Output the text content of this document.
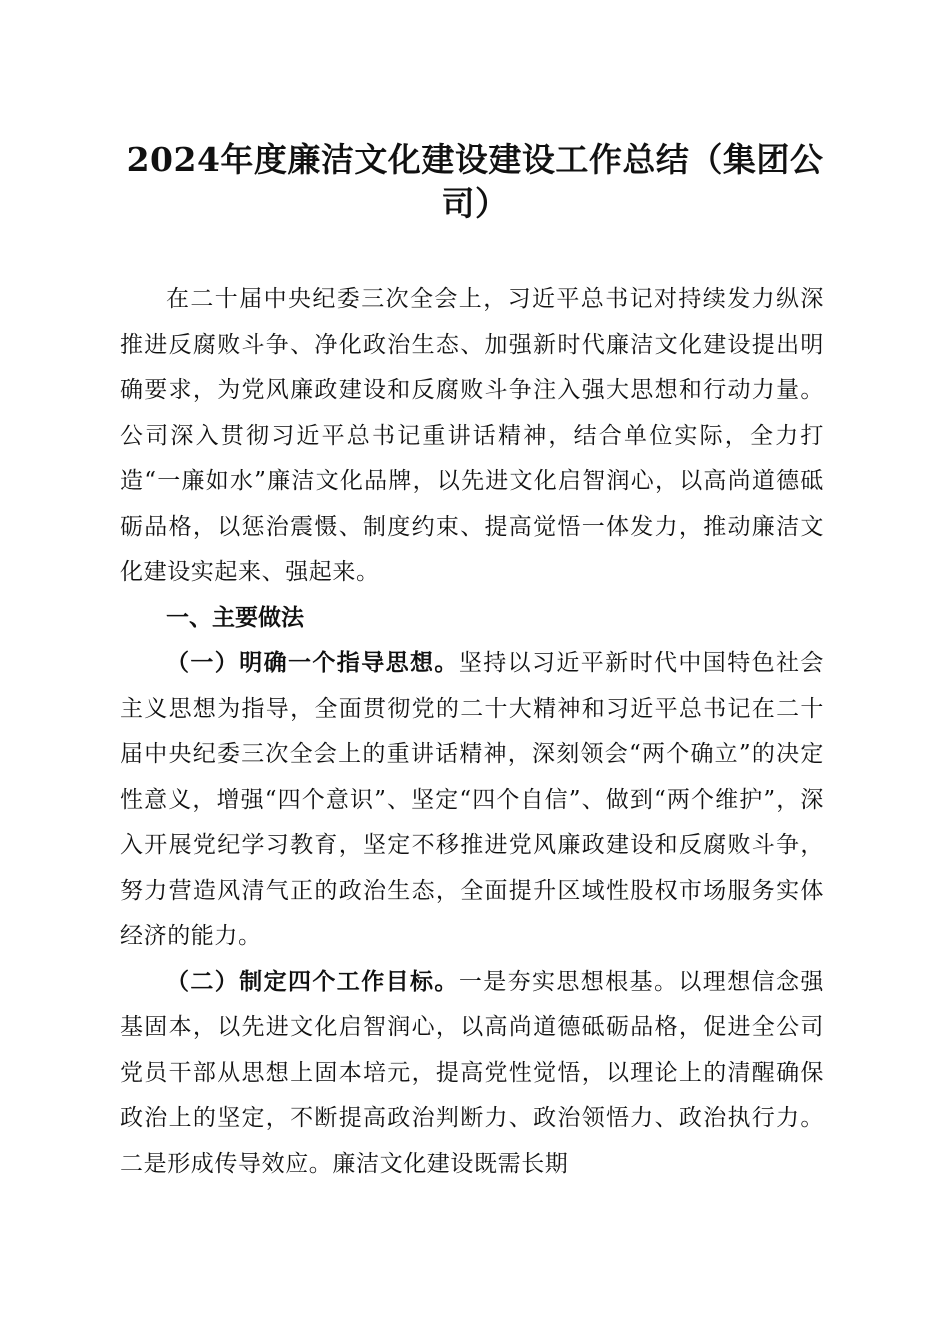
2024年度廉洁文化建设建设工作总结（集团公司）

在二十届中央纪委三次全会上，习近平总书记对持续发力纵深推进反腐败斗争、净化政治生态、加强新时代廉洁文化建设提出明确要求，为党风廉政建设和反腐败斗争注入强大思想和行动力量。公司深入贯彻习近平总书记重讲话精神，结合单位实际，全力打造“一廉如水”廉洁文化品牌，以先进文化启智润心，以高尚道德砥砺品格，以惩治震慑、制度约束、提高觉悟一体发力，推动廉洁文化建设实起来、强起来。

一、主要做法

（一）明确一个指导思想。坚持以习近平新时代中国特色社会主义思想为指导，全面贯彻党的二十大精神和习近平总书记在二十届中央纪委三次全会上的重讲话精神，深刻领会“两个确立”的决定性意义，增强“四个意识”、坚定“四个自信”、做到“两个维护”，深入开展党纪学习教育，坚定不移推进党风廉政建设和反腐败斗争，努力营造风清气正的政治生态，全面提升区域性股权市场服务实体经济的能力。

（二）制定四个工作目标。一是夯实思想根基。以理想信念强基固本，以先进文化启智润心，以高尚道德砥砺品格，促进全公司党员干部从思想上固本培元，提高党性觉悟，以理论上的清醒确保政治上的坚定，不断提高政治判断力、政治领悟力、政治执行力。二是形成传导效应。廉洁文化建设既需长期
